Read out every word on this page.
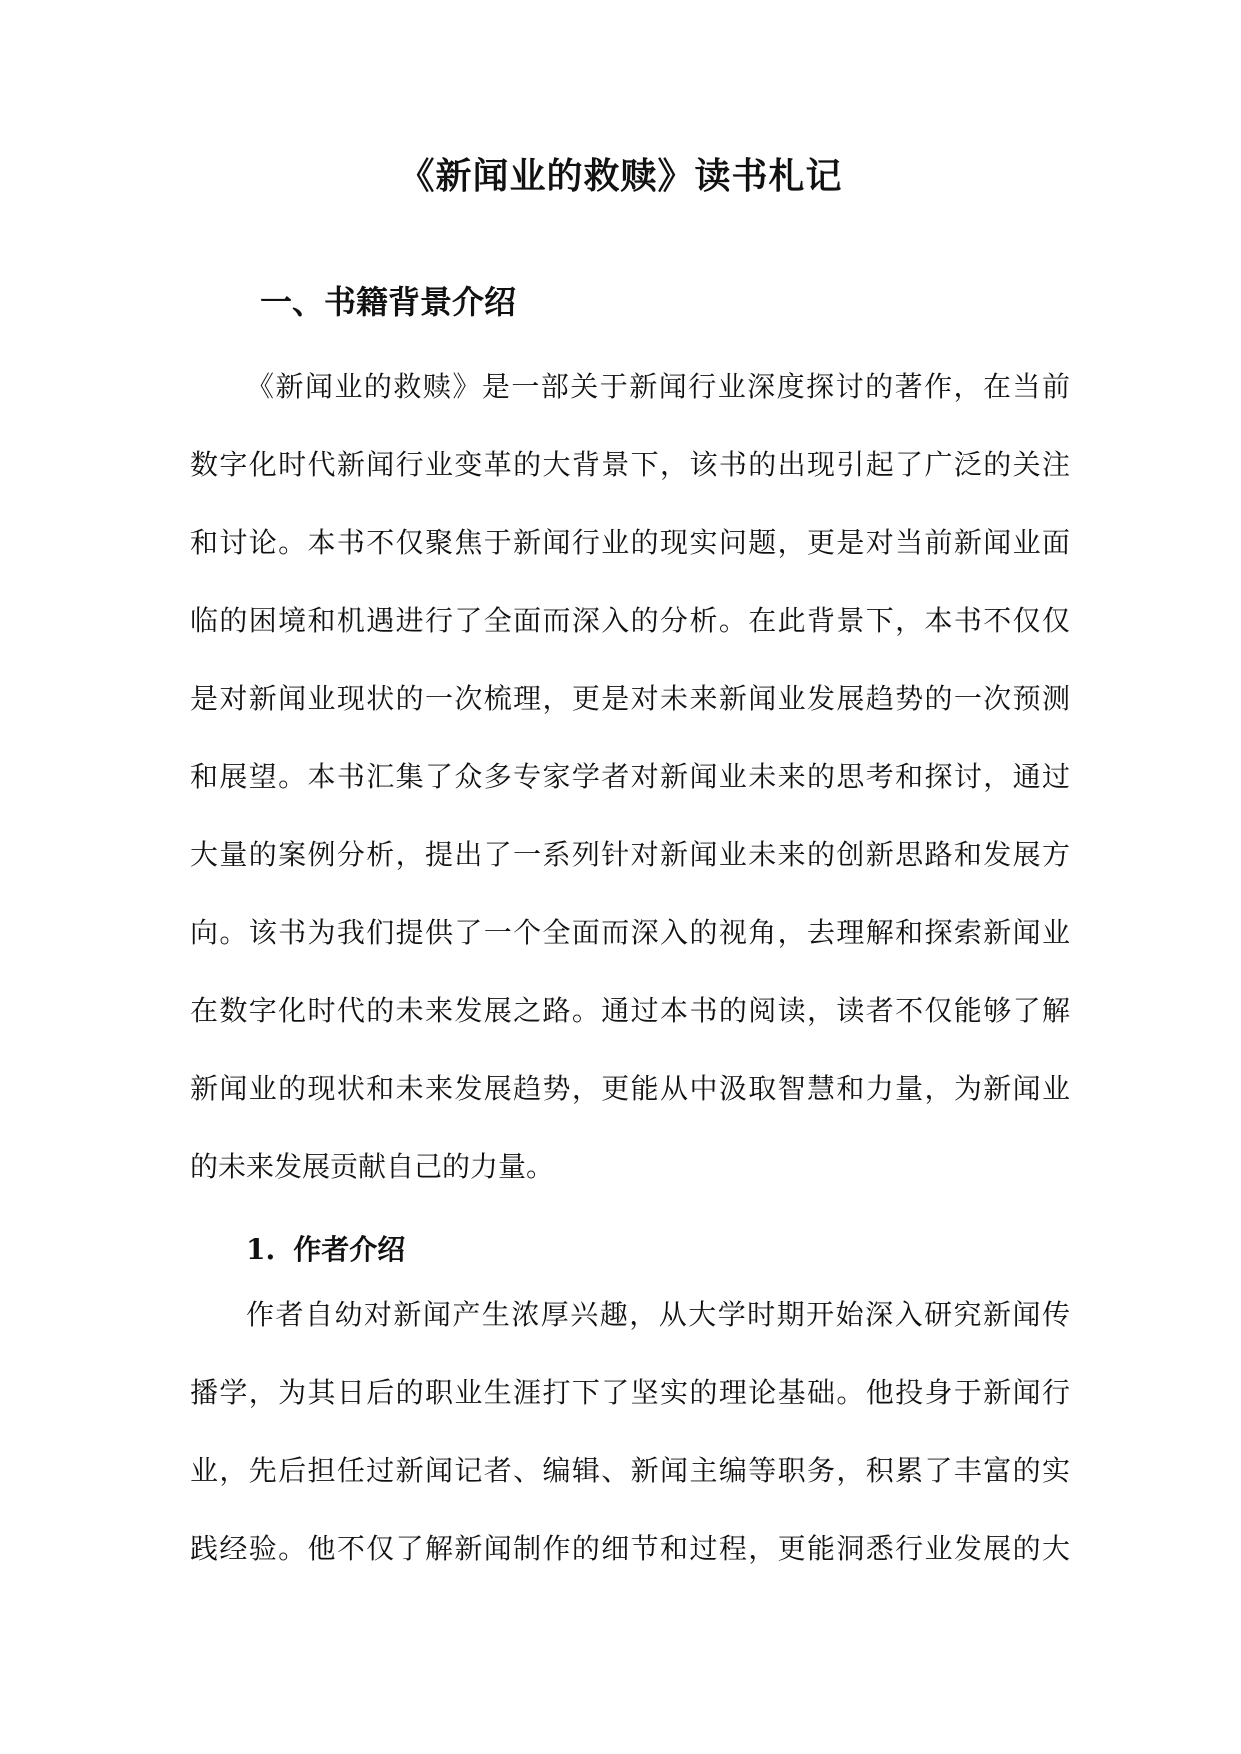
《新闻业的救赎》读书札记
一、书籍背景介绍
《新闻业的救赎》是一部关于新闻行业深度探讨的著作，在当前
数字化时代新闻行业变革的大背景下，该书的出现引起了广泛的关注
和讨论。本书不仅聚焦于新闻行业的现实问题，更是对当前新闻业面
临的困境和机遇进行了全面而深入的分析。在此背景下，本书不仅仅
是对新闻业现状的一次梳理，更是对未来新闻业发展趋势的一次预测
和展望。本书汇集了众多专家学者对新闻业未来的思考和探讨，通过
大量的案例分析，提出了一系列针对新闻业未来的创新思路和发展方
向。该书为我们提供了一个全面而深入的视角，去理解和探索新闻业
在数字化时代的未来发展之路。通过本书的阅读，读者不仅能够了解
新闻业的现状和未来发展趋势，更能从中汲取智慧和力量，为新闻业
的未来发展贡献自己的力量。
1. 作者介绍
作者自幼对新闻产生浓厚兴趣，从大学时期开始深入研究新闻传
播学，为其日后的职业生涯打下了坚实的理论基础。他投身于新闻行
业，先后担任过新闻记者、编辑、新闻主编等职务，积累了丰富的实
践经验。他不仅了解新闻制作的细节和过程，更能洞悉行业发展的大
